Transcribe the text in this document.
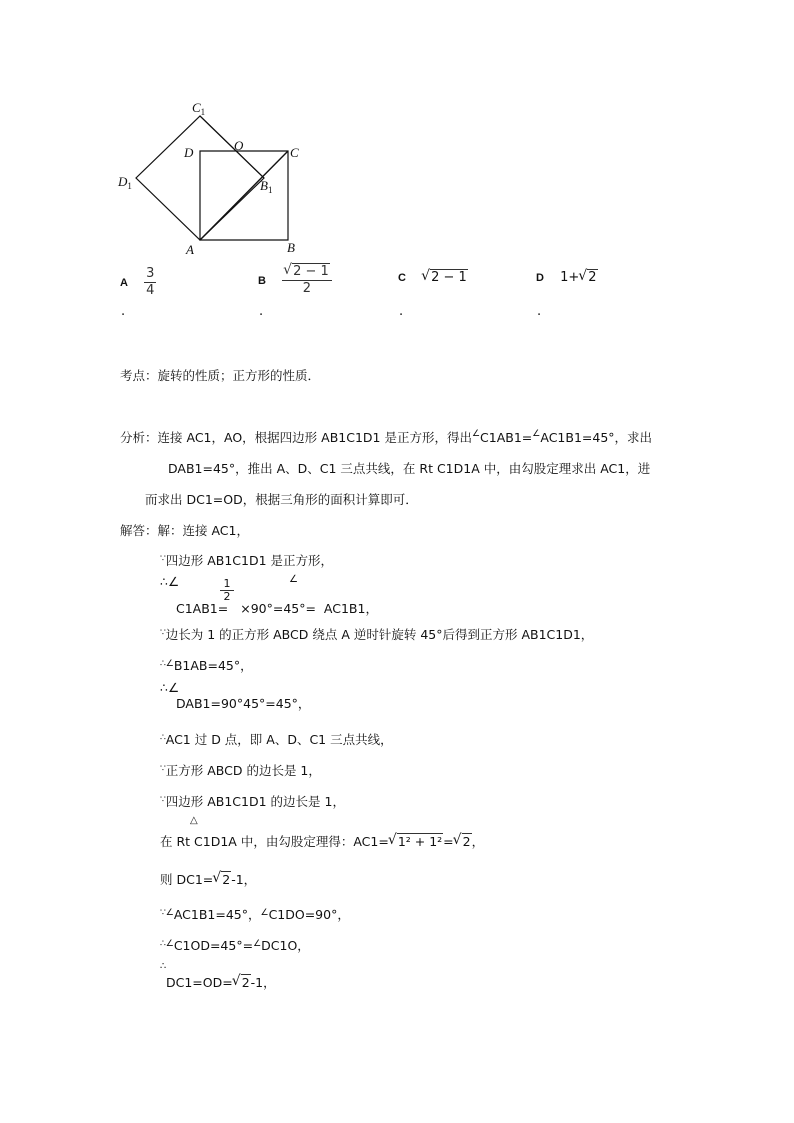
$C_1$
D	O	C
$D_1$	$B_1$
A	B
A $\frac{3}{4}$
.
B √ $\frac{2 - 1}{2}$
.
C √ 2 − 1
.
D 1+ √ 2
.
考点：旋转的性质；正方形的性质．
分析：连接 AC1，AO，根据四边形 AB1C1D1 是正方形，得出∠C1AB1=∠AC1B1=45°，求出
DAB1=45°，推出 A、D、C1 三点共线，在 Rt C1D1A 中，由勾股定理求出 AC1，进
而求出 DC1=OD，根据三角形的面积计算即可．
解答：解：连接 AC1，
∵四边形 AB1C1D1 是正方形，
∴∠	$\frac{1}{2}$	∠
C1AB1= ×90°=45°= AC1B1，
∵边长为 1 的正方形 ABCD 绕点 A 逆时针旋转 45°后得到正方形 AB1C1D1，
∴∠B1AB=45°，
∴∠
DAB1=90°45°=45°，
∴AC1 过 D 点，即 A、D、C1 三点共线，
∵正方形 ABCD 的边长是 1，
∵四边形 AB1C1D1 的边长是 1，
△
在 Rt C1D1A 中，由勾股定理得：AC1= √ 1² + 1²= √ 2，
则 DC1= √ 2-1，
∵∠AC1B1=45°，∠C1DO=90°，
∴∠C1OD=45°=∠DC1O，
∴
DC1=OD= √ 2-1，
